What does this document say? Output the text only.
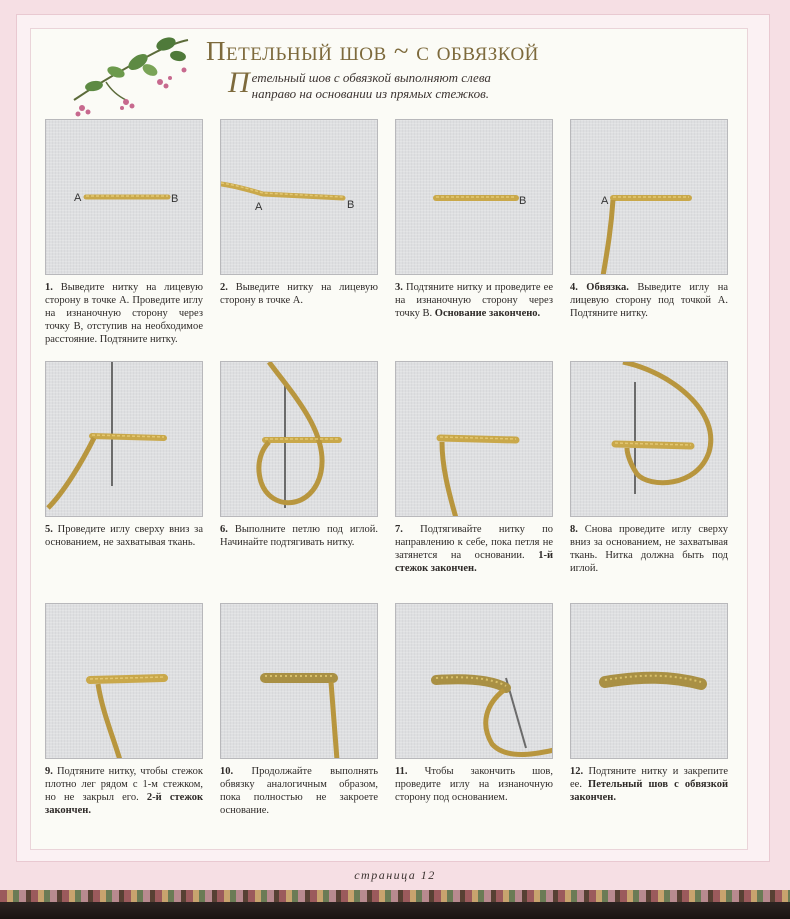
Петельный шов ~ с обвязкой
Петельный шов с обвязкой выполняют слева направо на основании из прямых стежков.
А	В
1. Выведите нитку на лицевую сторону в точке А. Проведите иглу на изнаночную сторону через точку В, отступив на необходимое расстояние. Подтяните нитку.
А	В
2. Выведите нитку на лицевую сторону в точке А.
В
3. Подтяните нитку и проведите ее на изнаночную сторону через точку В. Основание закончено.
А
4. Обвязка. Выведите иглу на лицевую сторону под точкой А. Подтяните нитку.
5. Проведите иглу сверху вниз за основанием, не захватывая ткань.
6. Выполните петлю под иглой. Начинайте подтягивать нитку.
7. Подтягивайте нитку по направлению к себе, пока петля не затянется на основании. 1-й стежок закончен.
8. Снова проведите иглу сверху вниз за основанием, не захватывая ткань. Нитка должна быть под иглой.
9. Подтяните нитку, чтобы стежок плотно лег рядом с 1-м стежком, но не закрыл его. 2-й стежок закончен.
10. Продолжайте выполнять обвязку аналогичным образом, пока полностью не закроете основание.
11. Чтобы закончить шов, проведите иглу на изнаночную сторону под основанием.
12. Подтяните нитку и закрепите ее. Петельный шов с обвязкой закончен.
страница 12
